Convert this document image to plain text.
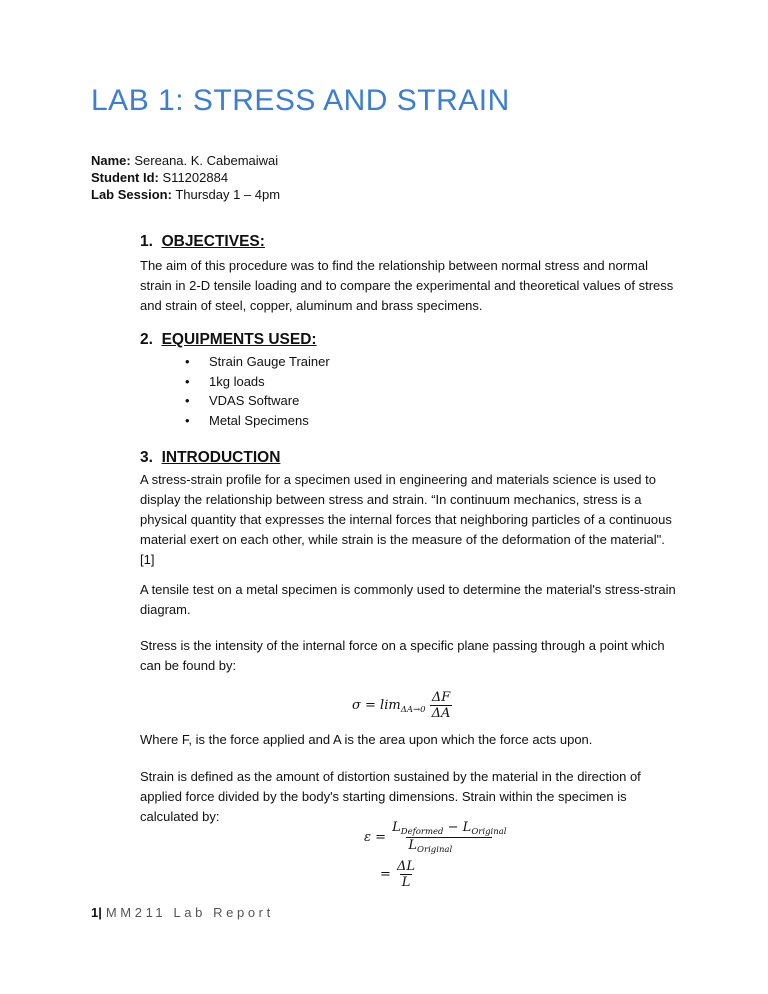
LAB 1: STRESS AND STRAIN
Name: Sereana. K. Cabemaiwai
Student Id: S11202884
Lab Session: Thursday 1 – 4pm
1. OBJECTIVES:

The aim of this procedure was to find the relationship between normal stress and normal strain in 2-D tensile loading and to compare the experimental and theoretical values of stress and strain of steel, copper, aluminum and brass specimens.

2. EQUIPMENTS USED:
• Strain Gauge Trainer
• 1kg loads
• VDAS Software
• Metal Specimens
3. INTRODUCTION

A stress-strain profile for a specimen used in engineering and materials science is used to display the relationship between stress and strain. “In continuum mechanics, stress is a physical quantity that expresses the internal forces that neighboring particles of a continuous material exert on each other, while strain is the measure of the deformation of the material". [1]

A tensile test on a metal specimen is commonly used to determine the material's stress-strain diagram.

Stress is the intensity of the internal force on a specific plane passing through a point which can be found by:

$\sigma = \lim_{\Delta A\to 0} \frac{\Delta F}{\Delta A}$

Where F, is the force applied and A is the area upon which the force acts upon.

Strain is defined as the amount of distortion sustained by the material in the direction of applied force divided by the body's starting dimensions. Strain within the specimen is calculated by:

$\varepsilon = \frac{L_{Deformed} - L_{Original}}{L_{Original}}$
= $\frac{\Delta L}{L}$
1| MM211 Lab Report
